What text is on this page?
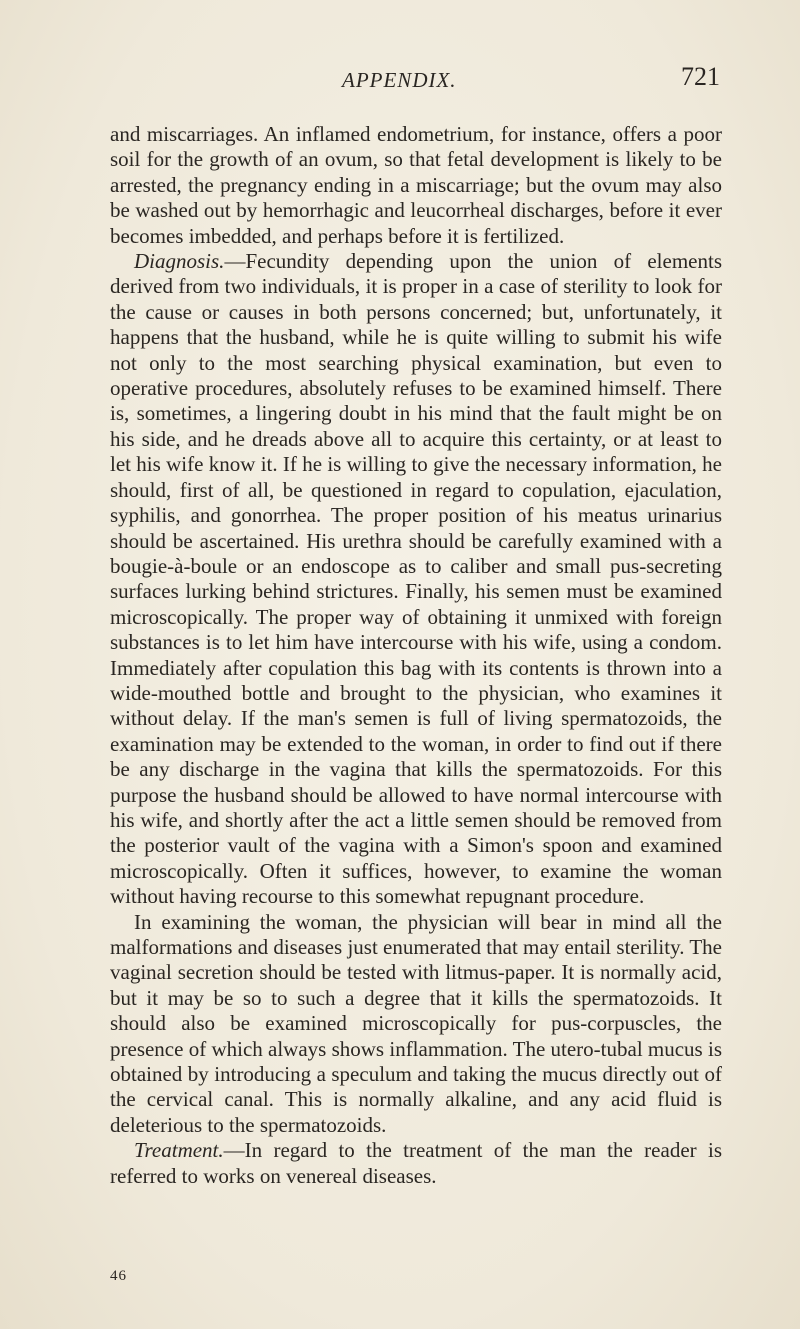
APPENDIX.	721

and miscarriages. An inflamed endometrium, for instance, offers a poor soil for the growth of an ovum, so that fetal development is likely to be arrested, the pregnancy ending in a miscarriage; but the ovum may also be washed out by hemorrhagic and leucorrheal discharges, before it ever becomes imbedded, and perhaps before it is fertilized.

Diagnosis.—Fecundity depending upon the union of elements derived from two individuals, it is proper in a case of sterility to look for the cause or causes in both persons concerned; but, unfortunately, it happens that the husband, while he is quite willing to submit his wife not only to the most searching physical examination, but even to operative procedures, absolutely refuses to be examined himself. There is, sometimes, a lingering doubt in his mind that the fault might be on his side, and he dreads above all to acquire this certainty, or at least to let his wife know it. If he is willing to give the necessary information, he should, first of all, be questioned in regard to copulation, ejaculation, syphilis, and gonorrhea. The proper position of his meatus urinarius should be ascertained. His urethra should be carefully examined with a bougie-à-boule or an endoscope as to caliber and small pus-secreting surfaces lurking behind strictures. Finally, his semen must be examined microscopically. The proper way of obtaining it unmixed with foreign substances is to let him have intercourse with his wife, using a condom. Immediately after copulation this bag with its contents is thrown into a wide-mouthed bottle and brought to the physician, who examines it without delay. If the man's semen is full of living spermatozoids, the examination may be extended to the woman, in order to find out if there be any discharge in the vagina that kills the spermatozoids. For this purpose the husband should be allowed to have normal intercourse with his wife, and shortly after the act a little semen should be removed from the posterior vault of the vagina with a Simon's spoon and examined microscopically. Often it suffices, however, to examine the woman without having recourse to this somewhat repugnant procedure.

In examining the woman, the physician will bear in mind all the malformations and diseases just enumerated that may entail sterility. The vaginal secretion should be tested with litmus-paper. It is normally acid, but it may be so to such a degree that it kills the spermatozoids. It should also be examined microscopically for pus-corpuscles, the presence of which always shows inflammation. The utero-tubal mucus is obtained by introducing a speculum and taking the mucus directly out of the cervical canal. This is normally alkaline, and any acid fluid is deleterious to the spermatozoids.

Treatment.—In regard to the treatment of the man the reader is referred to works on venereal diseases.

46
